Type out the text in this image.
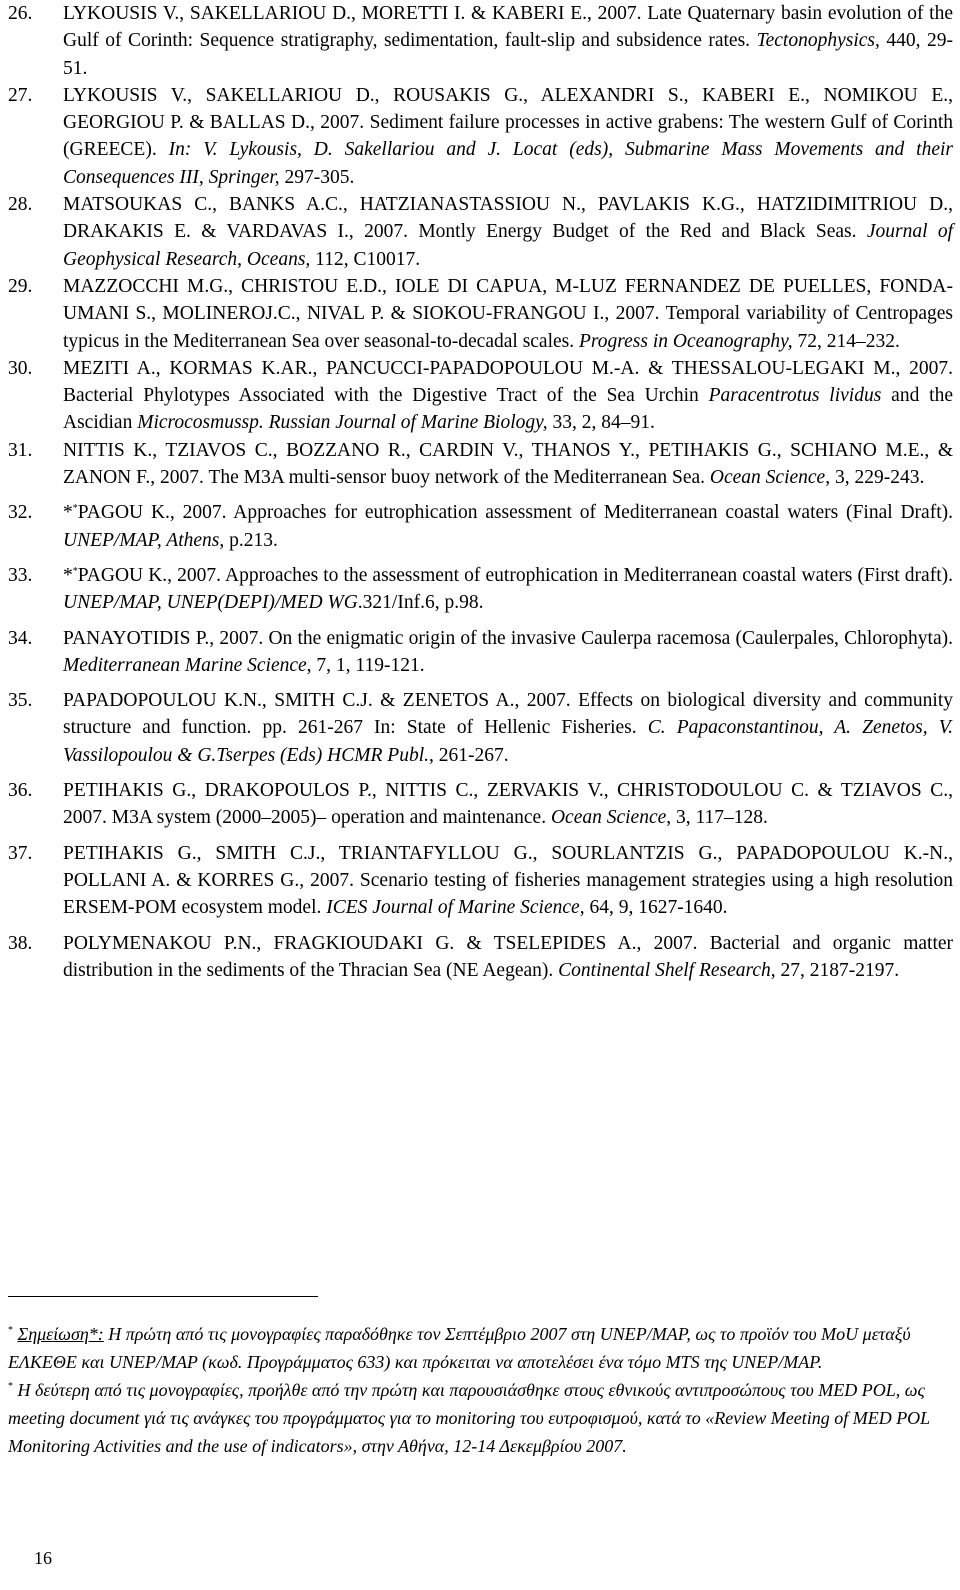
26.	LYKOUSIS V., SAKELLARIOU D., MORETTI I. & KABERI E., 2007. Late Quaternary basin evolution of the Gulf of Corinth: Sequence stratigraphy, sedimentation, fault-slip and subsidence rates. Tectonophysics, 440, 29-51.
27.	LYKOUSIS V., SAKELLARIOU D., ROUSAKIS G., ALEXANDRI S., KABERI E., NOMIKOU E., GEORGIOU P. & BALLAS D., 2007. Sediment failure processes in active grabens: The western Gulf of Corinth (GREECE). In: V. Lykousis, D. Sakellariou and J. Locat (eds), Submarine Mass Movements and their Consequences III, Springer, 297-305.
28.	MATSOUKAS C., BANKS A.C., HATZIANASTASSIOU N., PAVLAKIS K.G., HATZIDIMITRIOU D., DRAKAKIS E. & VARDAVAS I., 2007. Montly Energy Budget of the Red and Black Seas. Journal of Geophysical Research, Oceans, 112, C10017.
29.	MAZZOCCHI M.G., CHRISTOU E.D., IOLE DI CAPUA, M-LUZ FERNANDEZ DE PUELLES, FONDA-UMANI S., MOLINEROJ.C., NIVAL P. & SIOKOU-FRANGOU I., 2007. Temporal variability of Centropages typicus in the Mediterranean Sea over seasonal-to-decadal scales. Progress in Oceanography, 72, 214–232.
30.	MEZITI A., KORMAS K.AR., PANCUCCI-PAPADOPOULOU M.-A. & THESSALOU-LEGAKI M., 2007. Bacterial Phylotypes Associated with the Digestive Tract of the Sea Urchin Paracentrotus lividus and the Ascidian Microcosmussp. Russian Journal of Marine Biology, 33, 2, 84–91.
31.	NITTIS K., TZIAVOS C., BOZZANO R., CARDIN V., THANOS Y., PETIHAKIS G., SCHIANO M.E., & ZANON F., 2007. The M3A multi-sensor buoy network of the Mediterranean Sea. Ocean Science, 3, 229-243.
32.	**PAGOU K., 2007. Approaches for eutrophication assessment of Mediterranean coastal waters (Final Draft). UNEP/MAP, Athens, p.213.
33.	**PAGOU K., 2007. Approaches to the assessment of eutrophication in Mediterranean coastal waters (First draft). UNEP/MAP, UNEP(DEPI)/MED WG.321/Inf.6, p.98.
34.	PANAYOTIDIS P., 2007. On the enigmatic origin of the invasive Caulerpa racemosa (Caulerpales, Chlorophyta). Mediterranean Marine Science, 7, 1, 119-121.
35.	PAPADOPOULOU K.N., SMITH C.J. & ZENETOS A., 2007. Effects on biological diversity and community structure and function. pp. 261-267 In: State of Hellenic Fisheries. C. Papaconstantinou, A. Zenetos, V. Vassilopoulou & G.Tserpes (Eds) HCMR Publ., 261-267.
36.	PETIHAKIS G., DRAKOPOULOS P., NITTIS C., ZERVAKIS V., CHRISTODOULOU C. & TZIAVOS C., 2007. M3A system (2000–2005)– operation and maintenance. Ocean Science, 3, 117–128.
37.	PETIHAKIS G., SMITH C.J., TRIANTAFYLLOU G., SOURLANTZIS G., PAPADOPOULOU K.-N., POLLANI A. & KORRES G., 2007. Scenario testing of fisheries management strategies using a high resolution ERSEM-POM ecosystem model. ICES Journal of Marine Science, 64, 9, 1627-1640.
38.	POLYMENAKOU P.N., FRAGKIOUDAKI G. & TSELEPIDES A., 2007. Bacterial and organic matter distribution in the sediments of the Thracian Sea (NE Aegean). Continental Shelf Research, 27, 2187-2197.

* Σημείωση*: Η πρώτη από τις μονογραφίες παραδόθηκε τον Σεπτέμβριο 2007 στη UNEP/MAP, ως το προϊόν του MoU μεταξύ ΕΛΚΕΘΕ και UNEP/MAP (κωδ. Προγράμματος 633) και πρόκειται να αποτελέσει ένα τόμο MTS της UNEP/MAP.

* Η δεύτερη από τις μονογραφίες, προήλθε από την πρώτη και παρουσιάσθηκε στους εθνικούς αντιπροσώπους του MED POL, ως meeting document γιά τις ανάγκες του προγράμματος για το monitoring του ευτροφισμού, κατά το «Review Meeting of MED POL Monitoring Activities and the use of indicators», στην Αθήνα, 12-14 Δεκεμβρίου 2007.

16
